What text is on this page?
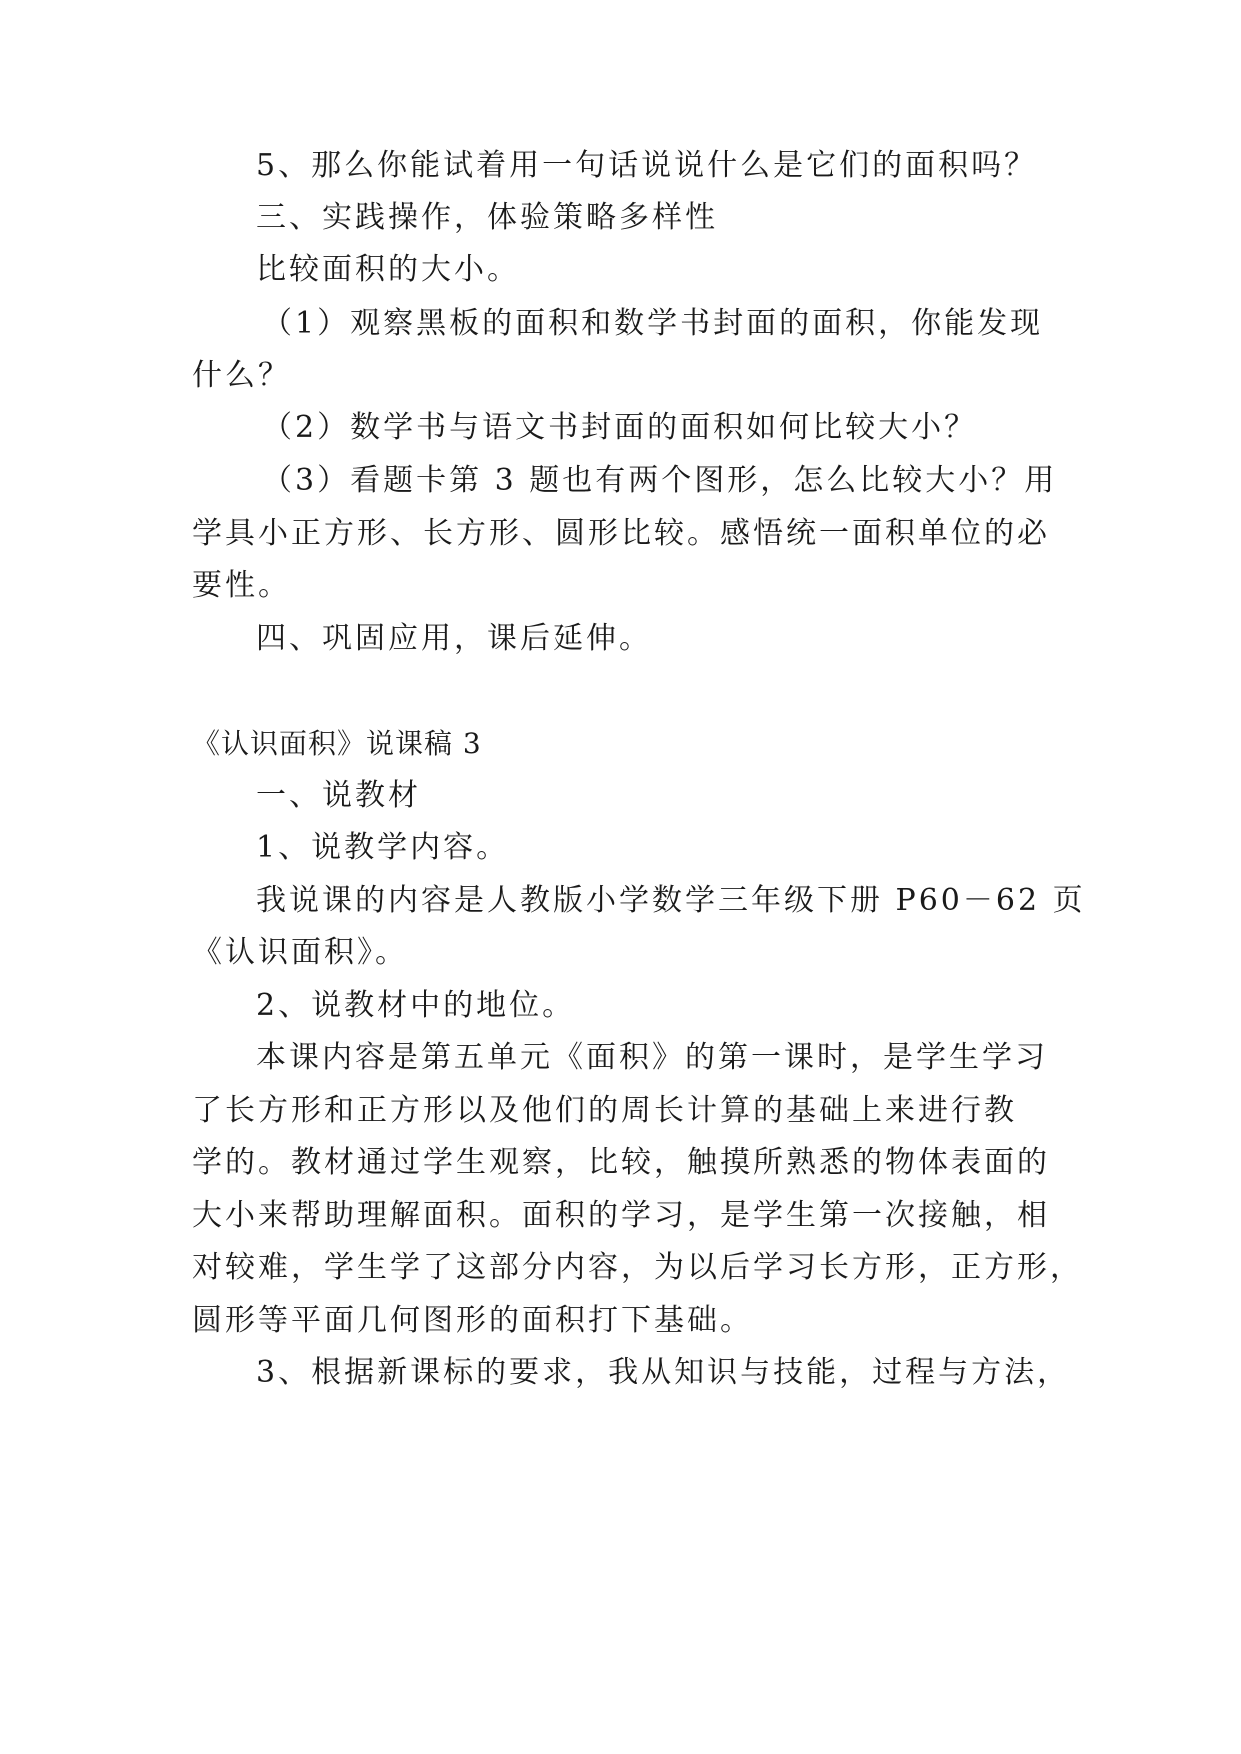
5、那么你能试着用一句话说说什么是它们的面积吗？
三、实践操作，体验策略多样性
比较面积的大小。
（1）观察黑板的面积和数学书封面的面积，你能发现
什么？
（2）数学书与语文书封面的面积如何比较大小？
（3）看题卡第 3 题也有两个图形，怎么比较大小？用
学具小正方形、长方形、圆形比较。感悟统一面积单位的必
要性。
四、巩固应用，课后延伸。
《认识面积》说课稿 3
一、说教材
1、说教学内容。
我说课的内容是人教版小学数学三年级下册 P60－62 页
《认识面积》。
2、说教材中的地位。
本课内容是第五单元《面积》的第一课时，是学生学习
了长方形和正方形以及他们的周长计算的基础上来进行教
学的。教材通过学生观察，比较，触摸所熟悉的物体表面的
大小来帮助理解面积。面积的学习，是学生第一次接触，相
对较难，学生学了这部分内容，为以后学习长方形，正方形，
圆形等平面几何图形的面积打下基础。
3、根据新课标的要求，我从知识与技能，过程与方法，
